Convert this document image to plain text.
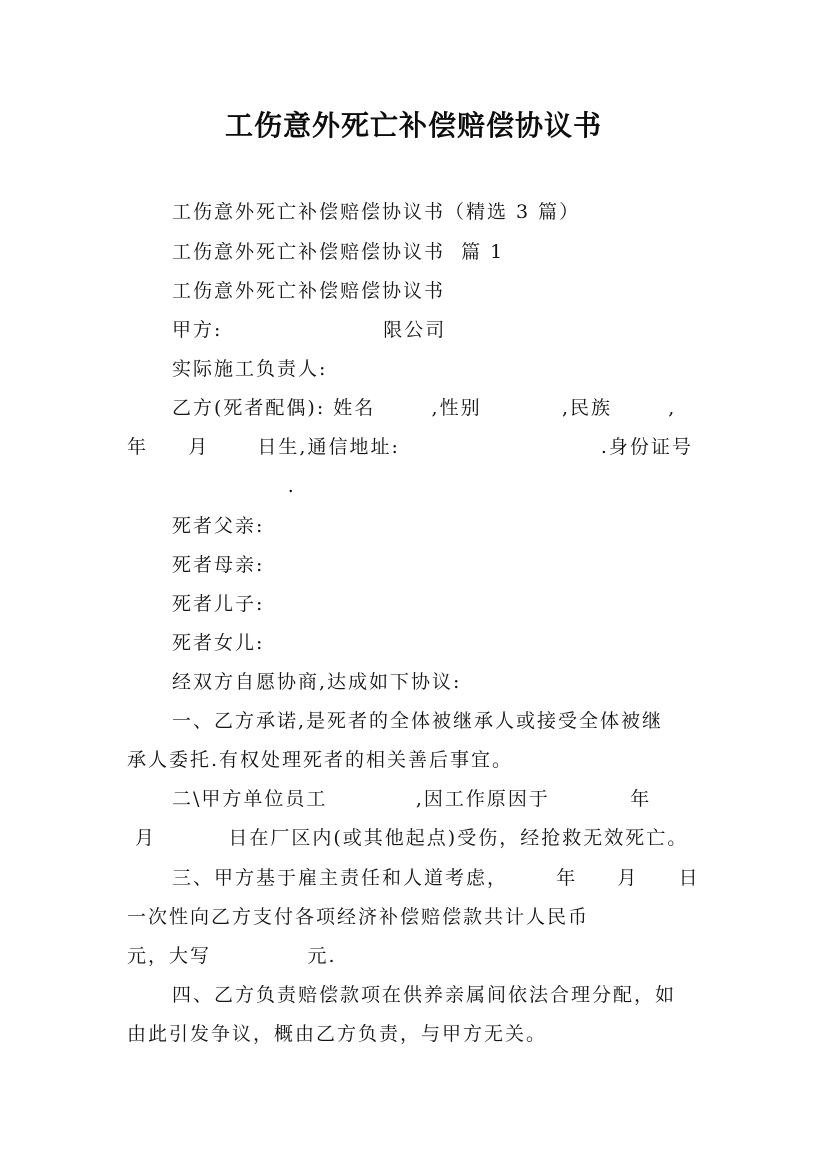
工伤意外死亡补偿赔偿协议书
工伤意外死亡补偿赔偿协议书（精选 3 篇）
工伤意外死亡补偿赔偿协议书  篇 1
工伤意外死亡补偿赔偿协议书
甲方:                    限公司
实际施工负责人:
乙方(死者配偶): 姓名       ,性别          ,民族       ,
年     月      日生,通信地址:                         .身份证号
.
死者父亲:
死者母亲:
死者儿子:
死者女儿:
经双方自愿协商,达成如下协议:
一、乙方承诺,是死者的全体被继承人或接受全体被继
承人委托.有权处理死者的相关善后事宜。
二\甲方单位员工           ,因工作原因于          年
月         日在厂区内(或其他起点)受伤，经抢救无效死亡。
三、甲方基于雇主责任和人道考虑，      年     月     日
一次性向乙方支付各项经济补偿赔偿款共计人民币
元，大写            元.
四、乙方负责赔偿款项在供养亲属间依法合理分配，如
由此引发争议，概由乙方负责，与甲方无关。
